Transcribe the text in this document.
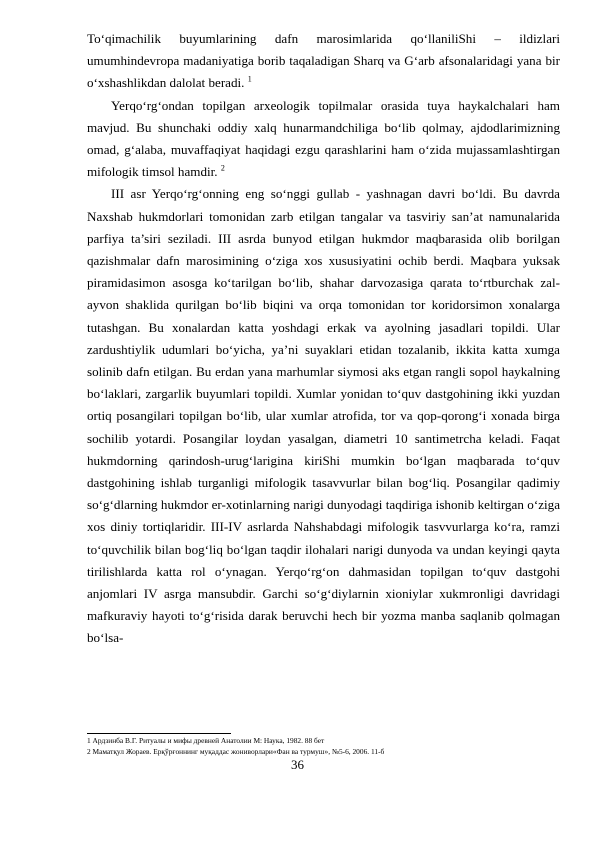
To‘qimachilik buyumlarining dafn marosimlarida qo‘llaniliShi – ildizlari umumhindevropa madaniyatiga borib taqaladigan Sharq va G‘arb afsonalaridagi yana bir o‘xshashlikdan dalolat beradi. $^1$

Yerqo‘rg‘ondan topilgan arxeologik topilmalar orasida tuya haykalchalari ham mavjud. Bu shunchaki oddiy xalq hunarmandchiliga bo‘lib qolmay, ajdodlarimizning omad, g‘alaba, muvaffaqiyat haqidagi ezgu qarashlarini ham o‘zida mujassamlashtirgan mifologik timsol hamdir. $^2$

III asr Yerqo‘rg‘onning eng so‘nggi gullab - yashnagan davri bo‘ldi. Bu davrda Naxshab hukmdorlari tomonidan zarb etilgan tangalar va tasviriy san’at namunalarida parfiya ta’siri seziladi. III asrda bunyod etilgan hukmdor maqbarasida olib borilgan qazishmalar dafn marosimining o‘ziga xos xususiyatini ochib berdi. Maqbara yuksak piramidasimon asosga ko‘tarilgan bo‘lib, shahar darvozasiga qarata to‘rtburchak zal-ayvon shaklida qurilgan bo‘lib biqini va orqa tomonidan tor koridorsimon xonalarga tutashgan. Bu xonalardan katta yoshdagi erkak va ayolning jasadlari topildi. Ular zardushtiylik udumlari bo‘yicha, ya’ni suyaklari etidan tozalanib, ikkita katta xumga solinib dafn etilgan. Bu erdan yana marhumlar siymosi aks etgan rangli sopol haykalning bo‘laklari, zargarlik buyumlari topildi. Xumlar yonidan to‘quv dastgohining ikki yuzdan ortiq posangilari topilgan bo‘lib, ular xumlar atrofida, tor va qop-qorong‘i xonada birga sochilib yotardi. Posangilar loydan yasalgan, diametri 10 santimetrcha keladi. Faqat hukmdorning qarindosh-urug‘larigina kiriShi mumkin bo‘lgan maqbarada to‘quv dastgohining ishlab turganligi mifologik tasavvurlar bilan bog‘liq. Posangilar qadimiy so‘g‘dlarning hukmdor er-xotinlarning narigi dunyodagi taqdiriga ishonib keltirgan o‘ziga xos diniy tortiqlaridir. III-IV asrlarda Nahshabdagi mifologik tasvvurlarga ko‘ra, ramzi to‘quvchilik bilan bog‘liq bo‘lgan taqdir ilohalari narigi dunyoda va undan keyingi qayta tirilishlarda katta rol o‘ynagan. Yerqo‘rg‘on dahmasidan topilgan to‘quv dastgohi anjomlari IV asrga mansubdir. Garchi so‘g‘diylarnin xioniylar xukmronligi davridagi mafkuraviy hayoti to‘g‘risida darak beruvchi hech bir yozma manba saqlanib qolmagan bo‘lsa-

1 Ардзинба В.Г. Ритуалы и мифы древней Анатолии М: Наука, 1982. 88 бет

2 Маматқул Жораев. Ерқўрғоннинг муқаддас жониворлари«Фан ва турмуш», №5-6, 2006. 11-б

36
